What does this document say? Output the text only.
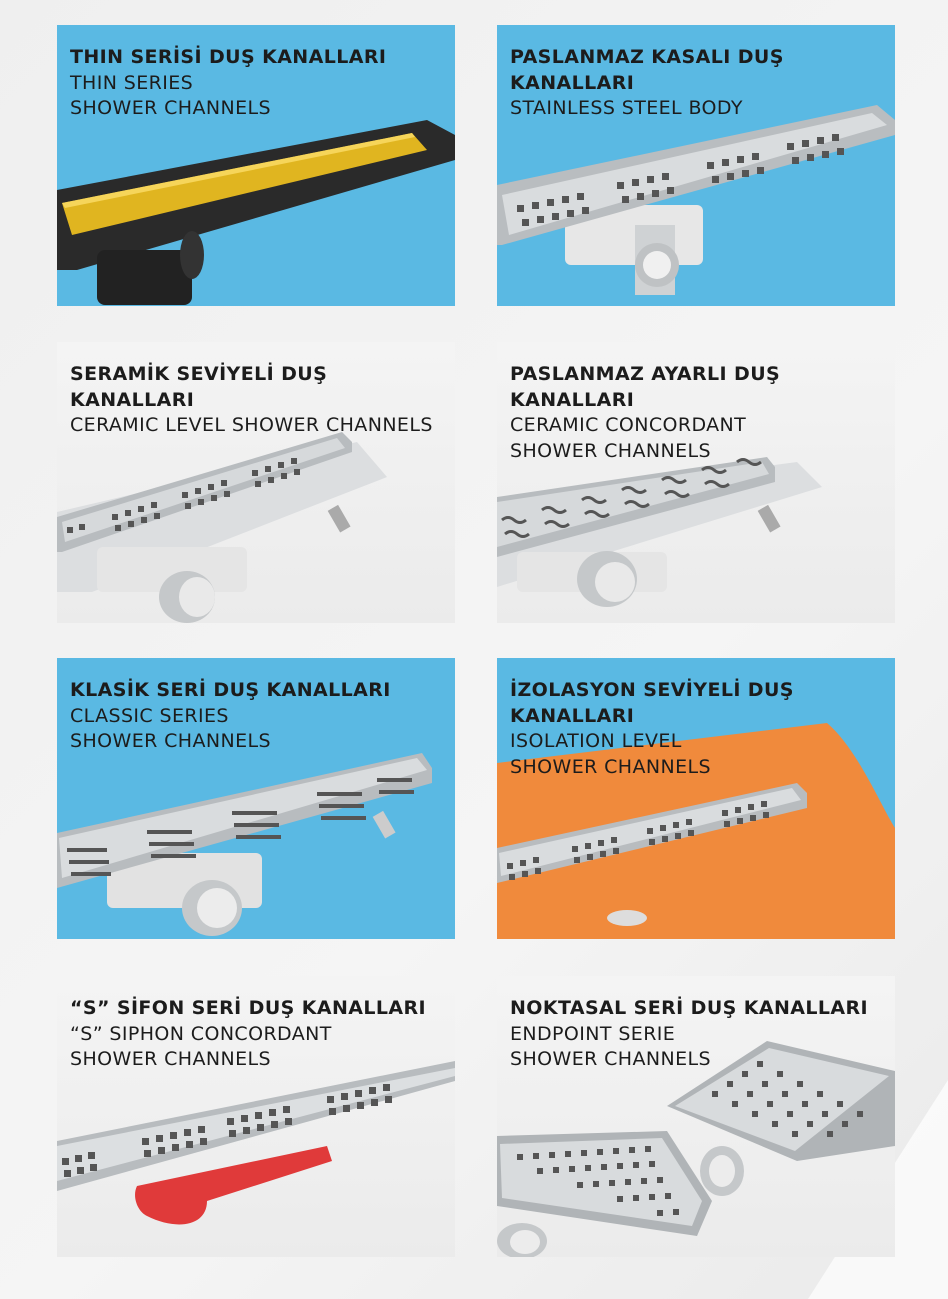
THIN SERİSİ DUŞ KANALLARI
THIN SERIES
SHOWER CHANNELS
PASLANMAZ KASALI DUŞ KANALLARI
STAINLESS STEEL BODY
SERAMİK SEVİYELİ DUŞ KANALLARI
CERAMIC LEVEL SHOWER CHANNELS
PASLANMAZ AYARLI DUŞ KANALLARI
CERAMIC CONCORDANT
SHOWER CHANNELS
KLASİK SERİ DUŞ KANALLARI
CLASSIC SERIES
SHOWER CHANNELS
İZOLASYON SEVİYELİ DUŞ KANALLARI
ISOLATION LEVEL
SHOWER CHANNELS
“S” SİFON SERİ DUŞ KANALLARI
“S” SIPHON CONCORDANT
SHOWER CHANNELS
NOKTASAL SERİ DUŞ KANALLARI
ENDPOINT SERIE
SHOWER CHANNELS
